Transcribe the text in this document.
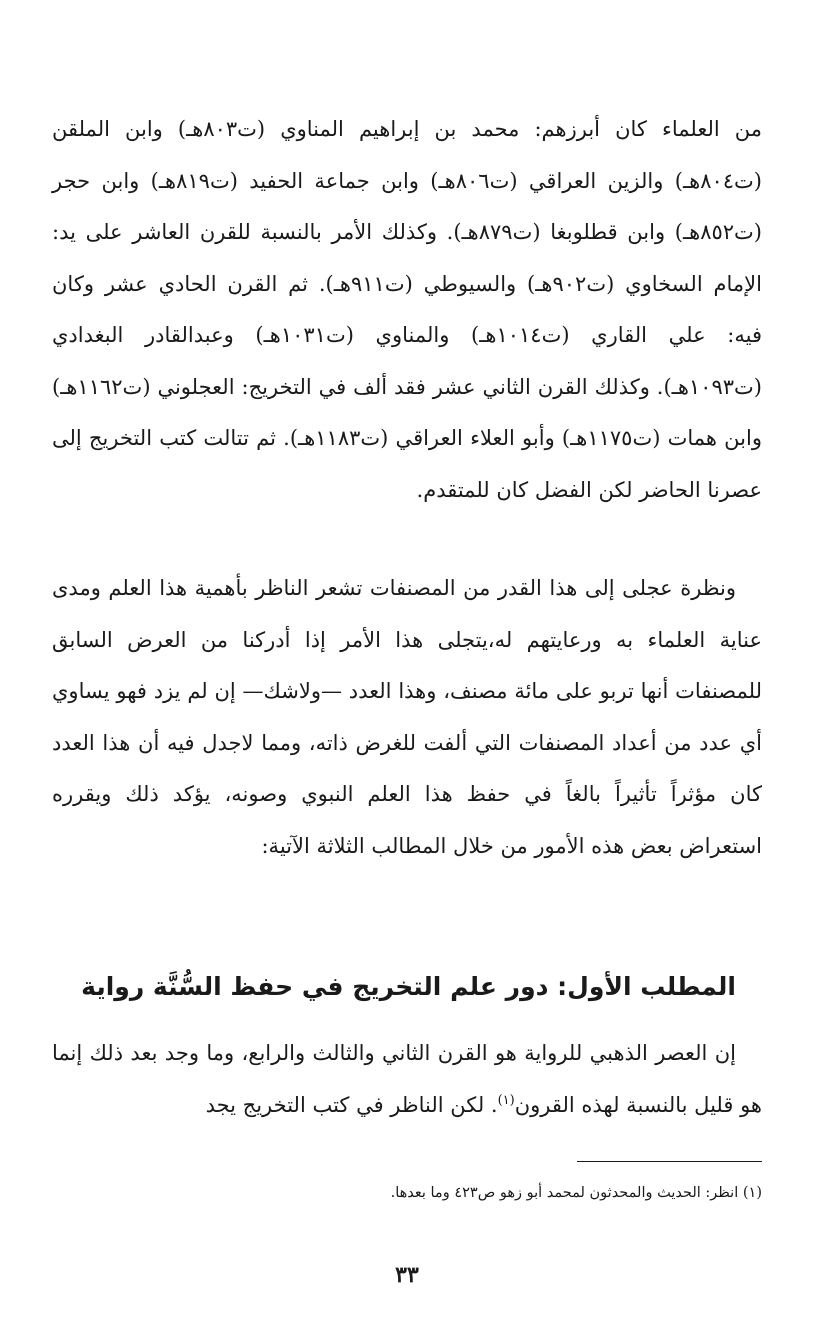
من العلماء كان أبرزهم: محمد بن إبراهيم المناوي (ت٨٠٣هـ) وابن الملقن (ت٨٠٤هـ) والزين العراقي (ت٨٠٦هـ) وابن جماعة الحفيد (ت٨١٩هـ) وابن حجر (ت٨٥٢هـ) وابن قطلوبغا (ت٨٧٩هـ). وكذلك الأمر بالنسبة للقرن العاشر على يد: الإمام السخاوي (ت٩٠٢هـ) والسيوطي (ت٩١١هـ). ثم القرن الحادي عشر وكان فيه: علي القاري (ت١٠١٤هـ) والمناوي (ت١٠٣١هـ) وعبدالقادر البغدادي (ت١٠٩٣هـ). وكذلك القرن الثاني عشر فقد ألف في التخريج: العجلوني (ت١١٦٢هـ) وابن همات (ت١١٧٥هـ) وأبو العلاء العراقي (ت١١٨٣هـ). ثم تتالت كتب التخريج إلى عصرنا الحاضر لكن الفضل كان للمتقدم.

ونظرة عجلى إلى هذا القدر من المصنفات تشعر الناظر بأهمية هذا العلم ومدى عناية العلماء به ورعايتهم له،يتجلى هذا الأمر إذا أدركنا من العرض السابق للمصنفات أنها تربو على مائة مصنف، وهذا العدد —ولاشك— إن لم يزد فهو يساوي أي عدد من أعداد المصنفات التي ألفت للغرض ذاته، ومما لاجدل فيه أن هذا العدد كان مؤثراً تأثيراً بالغاً في حفظ هذا العلم النبوي وصونه، يؤكد ذلك ويقرره استعراض بعض هذه الأمور من خلال المطالب الثلاثة الآتية:

المطلب الأول: دور علم التخريج في حفظ السُّنَّة رواية

إن العصر الذهبي للرواية هو القرن الثاني والثالث والرابع، وما وجد بعد ذلك إنما هو قليل بالنسبة لهذه القرون$^{(١)}$. لكن الناظر في كتب التخريج يجد

(١) انظر: الحديث والمحدثون لمحمد أبو زهو ص٤٢٣ وما بعدها.

٣٣
